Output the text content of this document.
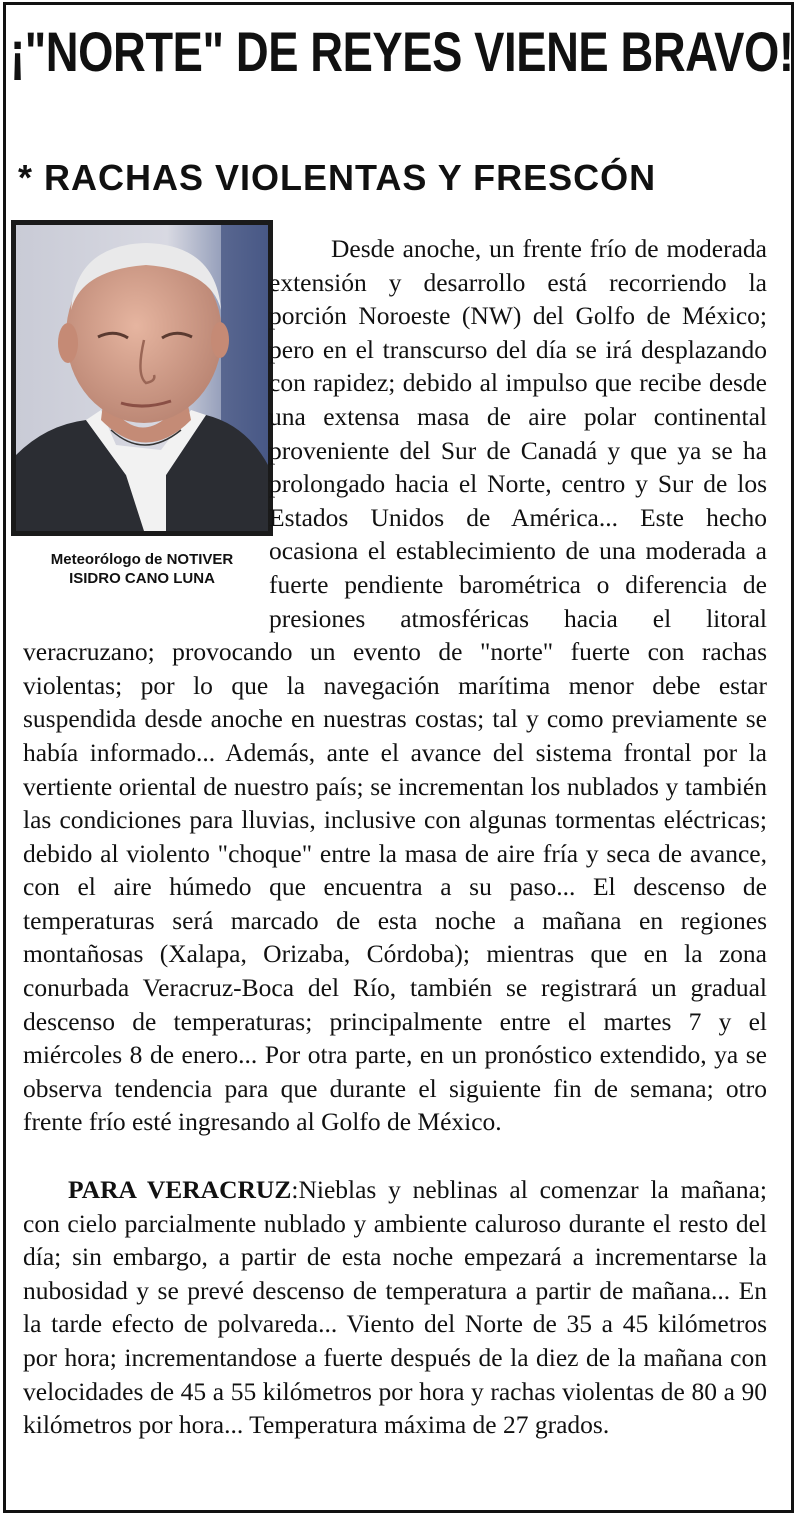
¡"NORTE" DE REYES VIENE BRAVO!
* RACHAS VIOLENTAS Y FRESCÓN
Meteorólogo de NOTIVER
ISIDRO CANO LUNA

Desde anoche, un frente frío de moderada extensión y desarrollo está recorriendo la porción Noroeste (NW) del Golfo de México; pero en el transcurso del día se irá desplazando con rapidez; debido al impulso que recibe desde una extensa masa de aire polar continental proveniente del Sur de Canadá y que ya se ha prolongado hacia el Norte, centro y Sur de los Estados Unidos de América... Este hecho ocasiona el establecimiento de una moderada a fuerte pendiente barométrica o diferencia de presiones atmosféricas hacia el litoral veracruzano; provocando un evento de "norte" fuerte con rachas violentas; por lo que la navegación marítima menor debe estar suspendida desde anoche en nuestras costas; tal y como previamente se había informado... Además, ante el avance del sistema frontal por la vertiente oriental de nuestro país; se incrementan los nublados y también las condiciones para lluvias, inclusive con algunas tormentas eléctricas; debido al violento "choque" entre la masa de aire fría y seca de avance, con el aire húmedo que encuentra a su paso... El descenso de temperaturas será marcado de esta noche a mañana en regiones montañosas (Xalapa, Orizaba, Córdoba); mientras que en la zona conurbada Veracruz-Boca del Río, también se registrará un gradual descenso de temperaturas; principalmente entre el martes 7 y el miércoles 8 de enero... Por otra parte, en un pronóstico extendido, ya se observa tendencia para que durante el siguiente fin de semana; otro frente frío esté ingresando al Golfo de México.

PARA VERACRUZ:Nieblas y neblinas al comenzar la mañana; con cielo parcialmente nublado y ambiente caluroso durante el resto del día; sin embargo, a partir de esta noche empezará a incrementarse la nubosidad y se prevé descenso de temperatura a partir de mañana... En la tarde efecto de polvareda... Viento del Norte de 35 a 45 kilómetros por hora; incrementandose a fuerte después de la diez de la mañana con velocidades de 45 a 55 kilómetros por hora y rachas violentas de 80 a 90 kilómetros por hora... Temperatura máxima de 27 grados.
